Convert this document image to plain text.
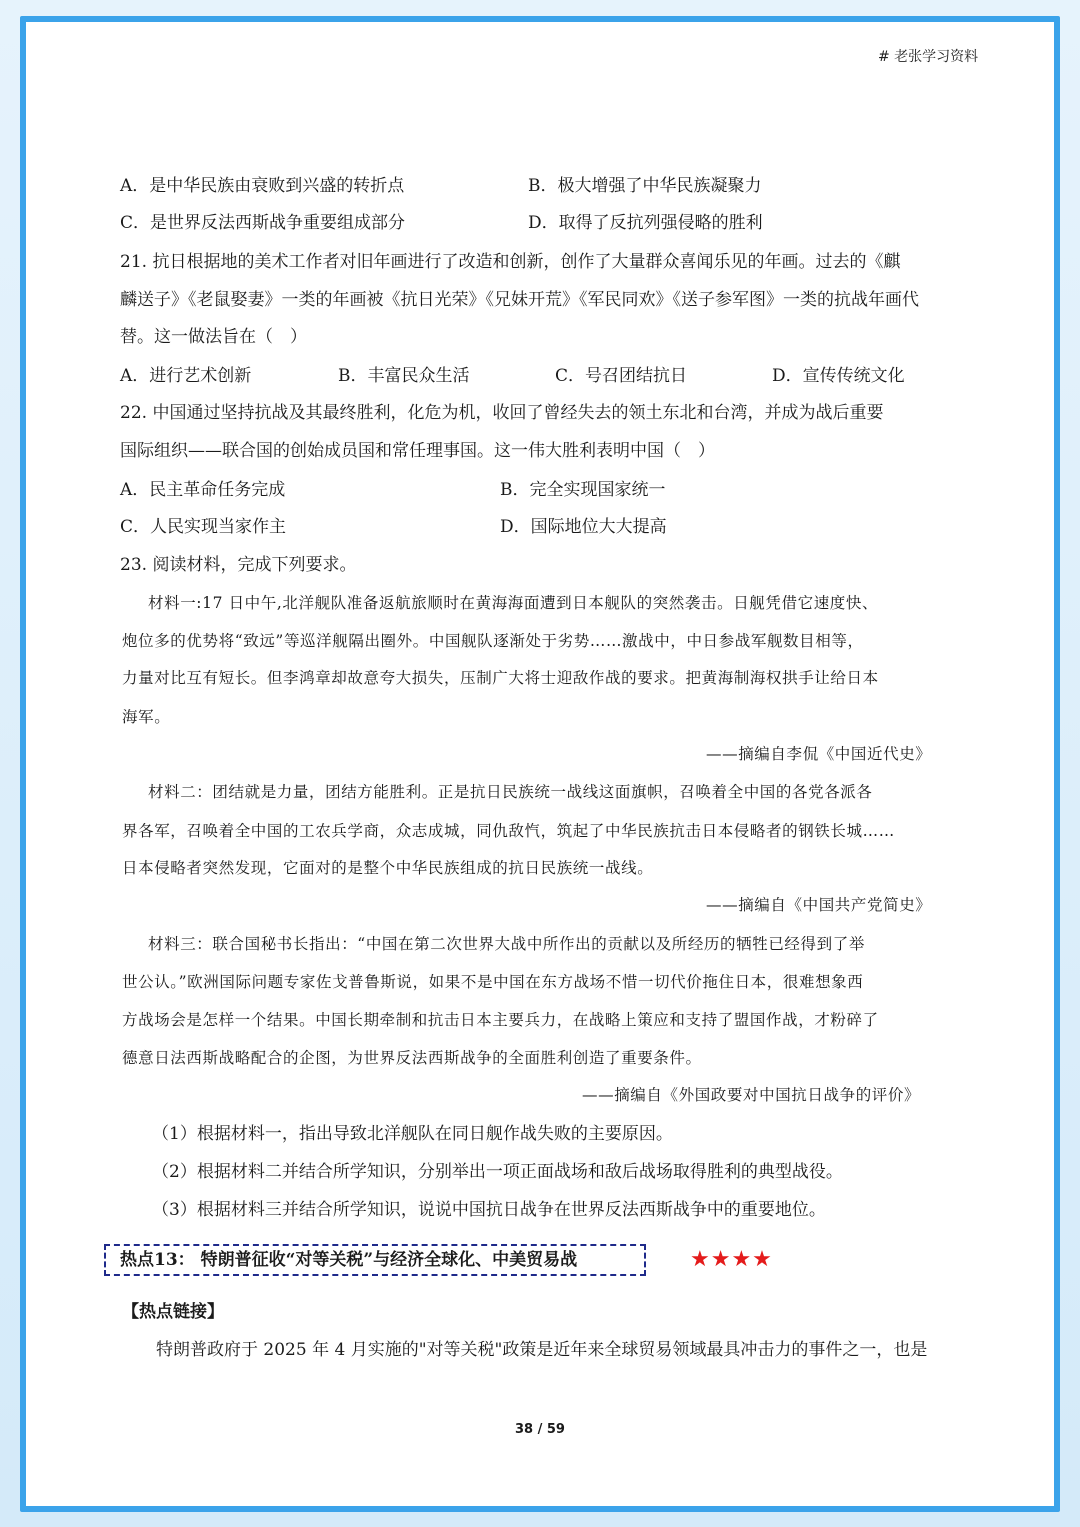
# 老张学习资料
A．是中华民族由衰败到兴盛的转折点	B．极大增强了中华民族凝聚力
C．是世界反法西斯战争重要组成部分	D．取得了反抗列强侵略的胜利
21. 抗日根据地的美术工作者对旧年画进行了改造和创新，创作了大量群众喜闻乐见的年画。过去的《麒
麟送子》《老鼠娶妻》一类的年画被《抗日光荣》《兄妹开荒》《军民同欢》《送子参军图》一类的抗战年画代
替。这一做法旨在（　）
A．进行艺术创新	B．丰富民众生活	C．号召团结抗日	D．宣传传统文化
22. 中国通过坚持抗战及其最终胜利，化危为机，收回了曾经失去的领土东北和台湾，并成为战后重要
国际组织——联合国的创始成员国和常任理事国。这一伟大胜利表明中国（　）
A．民主革命任务完成	B．完全实现国家统一
C．人民实现当家作主	D．国际地位大大提高
23. 阅读材料，完成下列要求。
材料一:17 日中午,北洋舰队准备返航旅顺时在黄海海面遭到日本舰队的突然袭击。日舰凭借它速度快、
炮位多的优势将“致远”等巡洋舰隔出圈外。中国舰队逐渐处于劣势……激战中，中日参战军舰数目相等，
力量对比互有短长。但李鸿章却故意夸大损失，压制广大将士迎敌作战的要求。把黄海制海权拱手让给日本
海军。
——摘编自李侃《中国近代史》
材料二：团结就是力量，团结方能胜利。正是抗日民族统一战线这面旗帜，召唤着全中国的各党各派各
界各军，召唤着全中国的工农兵学商，众志成城，同仇敌忾，筑起了中华民族抗击日本侵略者的钢铁长城……
日本侵略者突然发现，它面对的是整个中华民族组成的抗日民族统一战线。
——摘编自《中国共产党简史》
材料三：联合国秘书长指出：“中国在第二次世界大战中所作出的贡献以及所经历的牺牲已经得到了举
世公认。”欧洲国际问题专家佐戈普鲁斯说，如果不是中国在东方战场不惜一切代价拖住日本，很难想象西
方战场会是怎样一个结果。中国长期牵制和抗击日本主要兵力，在战略上策应和支持了盟国作战，才粉碎了
德意日法西斯战略配合的企图，为世界反法西斯战争的全面胜利创造了重要条件。
——摘编自《外国政要对中国抗日战争的评价》
（1）根据材料一，指出导致北洋舰队在同日舰作战失败的主要原因。
（2）根据材料二并结合所学知识，分别举出一项正面战场和敌后战场取得胜利的典型战役。
（3）根据材料三并结合所学知识，说说中国抗日战争在世界反法西斯战争中的重要地位。
热点13： 特朗普征收“对等关税”与经济全球化、中美贸易战	★★★★
【热点链接】
特朗普政府于 2025 年 4 月实施的"对等关税"政策是近年来全球贸易领域最具冲击力的事件之一，也是
38 / 59
